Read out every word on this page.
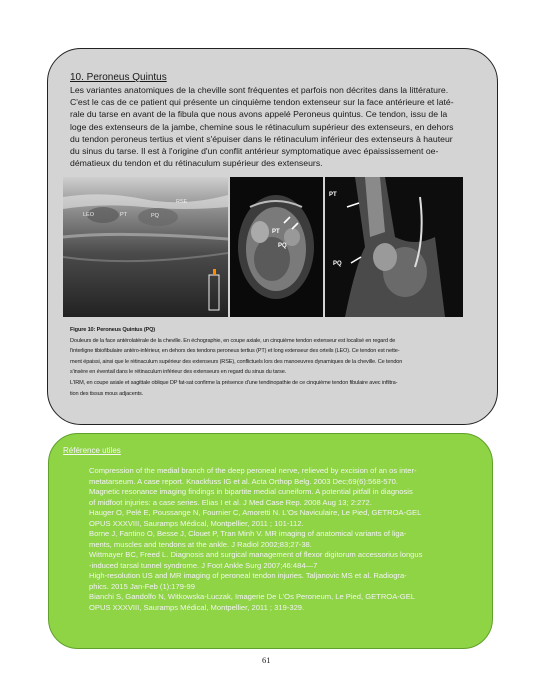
10. Peroneus Quintus
Les variantes anatomiques de la cheville sont fréquentes et parfois non décrites dans la littérature.
C'est le cas de ce patient qui présente un cinquième tendon extenseur sur la face antérieure et laté-
rale du tarse en avant de la fibula que nous avons appelé Peroneus quintus. Ce tendon, issu de la
loge des extenseurs de la jambe, chemine sous le rétinaculum supérieur des extenseurs, en dehors
du tendon peroneus tertius et vient s'épuiser dans le rétinaculum inférieur des extenseurs à hauteur
du sinus du tarse. Il est à l'origine d'un conflit antérieur symptomatique avec épaississement oe-
dématieux du tendon et du rétinaculum supérieur des extenseurs.
RSE
LEO	PT	PQ
PT
PQ
PT
PQ
Figure 10: Peroneus Quintus (PQ)
Douleurs de la face antérolatérale de la cheville. En échographie, en coupe axiale, un cinquième tendon extenseur est localisé en regard de
l'interligne tibiofibulaire antéro-inférieur, en dehors des tendons peroneus tertius (PT) et long extenseur des orteils (LEO). Ce tendon est nette-
ment épaissi, ainsi que le rétinaculum supérieur des extenseurs (RSE), conflictuels lors des manoeuvres dynamiques de la cheville. Ce tendon
s'insère en éventail dans le rétinaculum inférieur des extenseurs en regard du sinus du tarse.
L'IRM, en coupe axiale et sagittale oblique DP fat-sat confirme la présence d'une tendinopathie de ce cinquième tendon fibulaire avec infiltra-
tion des tissus mous adjacents.
Référence utiles
Compression of the medial branch of the deep peroneal nerve, relieved by excision of an os inter-
metatarseum. A case report. Knackfuss IG et al. Acta Orthop Belg. 2003 Dec;69(6):568-570.
Magnetic resonance imaging findings in bipartite medial cuneiform. A potential pitfall in diagnosis
of midfoot injuries: a case series. Elias I et al. J Med Case Rep. 2008 Aug 13; 2:272.
Hauger O, Pelé E, Poussange N, Fournier C, Amoretti N. L'Os Naviculaire, Le Pied, GETROA-GEL
OPUS XXXVIII, Sauramps Médical, Montpellier, 2011 ; 101-112.
Borne J, Fantino O, Besse J, Clouet P, Tran Minh V. MR imaging of anatomical variants of liga-
ments, muscles and tendons at the ankle. J Radiol 2002;83;27-38.
Wittmayer BC, Freed L. Diagnosis and surgical management of flexor digitorum accessorius longus
-induced tarsal tunnel syndrome. J Foot Ankle Surg 2007;46:484—7
High-resolution US and MR imaging of peroneal tendon injuries. Taljanovic MS et al. Radiogra-
phics. 2015 Jan-Feb (1):179-99
Bianchi S, Gandolfo N, Witkowska-Luczak, Imagerie De L'Os Peroneum, Le Pied, GETROA-GEL
OPUS XXXVIII, Sauramps Médical, Montpellier, 2011 ; 319-329.
61
